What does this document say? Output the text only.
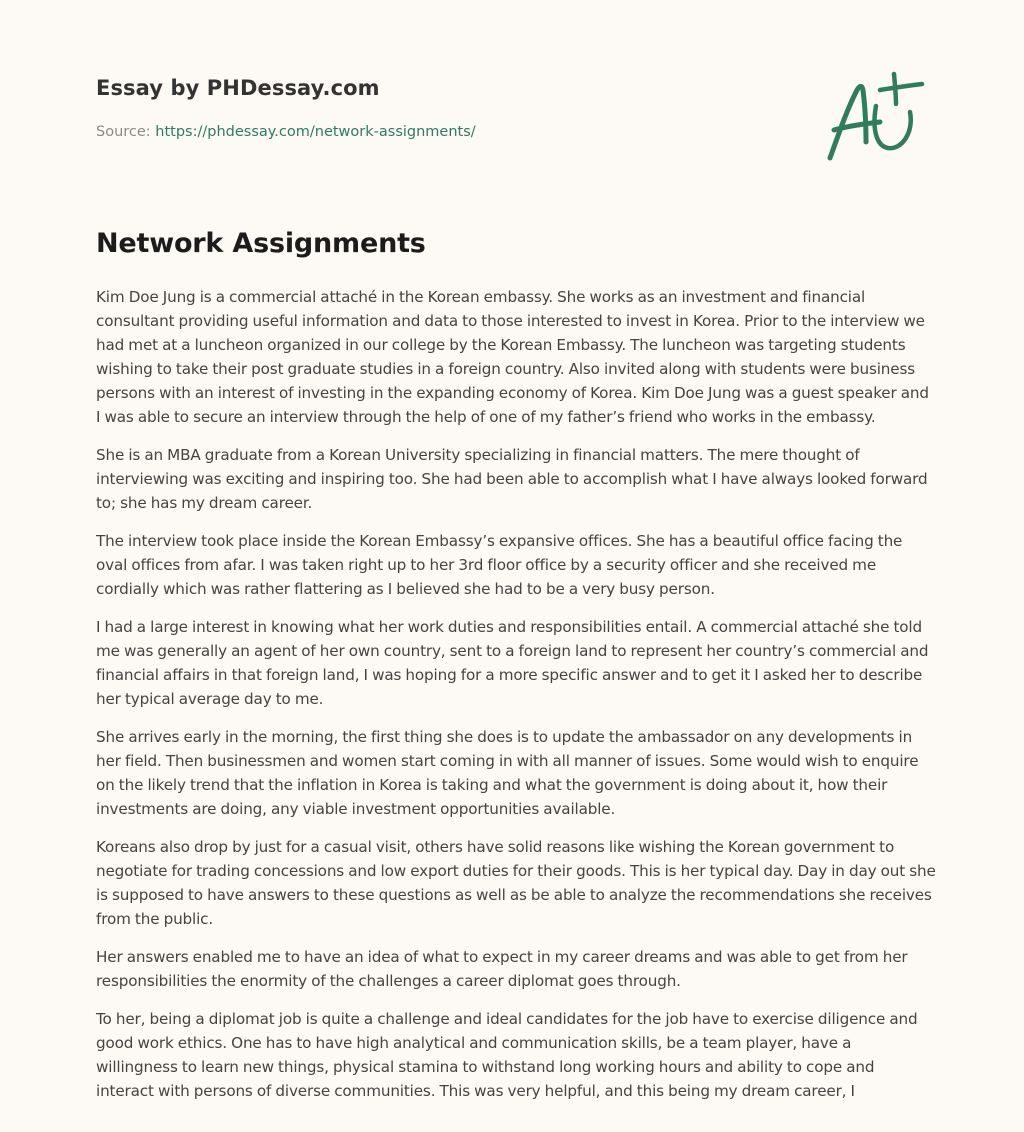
Essay by PHDessay.com
Source: https://phdessay.com/network-assignments/
Network Assignments

Kim Doe Jung is a commercial attaché in the Korean embassy. She works as an investment and financial consultant providing useful information and data to those interested to invest in Korea. Prior to the interview we had met at a luncheon organized in our college by the Korean Embassy. The luncheon was targeting students wishing to take their post graduate studies in a foreign country. Also invited along with students were business persons with an interest of investing in the expanding economy of Korea. Kim Doe Jung was a guest speaker and I was able to secure an interview through the help of one of my father’s friend who works in the embassy.

She is an MBA graduate from a Korean University specializing in financial matters. The mere thought of interviewing was exciting and inspiring too. She had been able to accomplish what I have always looked forward to; she has my dream career.

The interview took place inside the Korean Embassy’s expansive offices. She has a beautiful office facing the oval offices from afar. I was taken right up to her 3rd floor office by a security officer and she received me cordially which was rather flattering as I believed she had to be a very busy person.

I had a large interest in knowing what her work duties and responsibilities entail. A commercial attaché she told me was generally an agent of her own country, sent to a foreign land to represent her country’s commercial and financial affairs in that foreign land, I was hoping for a more specific answer and to get it I asked her to describe her typical average day to me.

She arrives early in the morning, the first thing she does is to update the ambassador on any developments in her field. Then businessmen and women start coming in with all manner of issues. Some would wish to enquire on the likely trend that the inflation in Korea is taking and what the government is doing about it, how their investments are doing, any viable investment opportunities available.

Koreans also drop by just for a casual visit, others have solid reasons like wishing the Korean government to negotiate for trading concessions and low export duties for their goods. This is her typical day. Day in day out she is supposed to have answers to these questions as well as be able to analyze the recommendations she receives from the public.

Her answers enabled me to have an idea of what to expect in my career dreams and was able to get from her responsibilities the enormity of the challenges a career diplomat goes through.

To her, being a diplomat job is quite a challenge and ideal candidates for the job have to exercise diligence and good work ethics. One has to have high analytical and communication skills, be a team player, have a willingness to learn new things, physical stamina to withstand long working hours and ability to cope and interact with persons of diverse communities. This was very helpful, and this being my dream career, I
